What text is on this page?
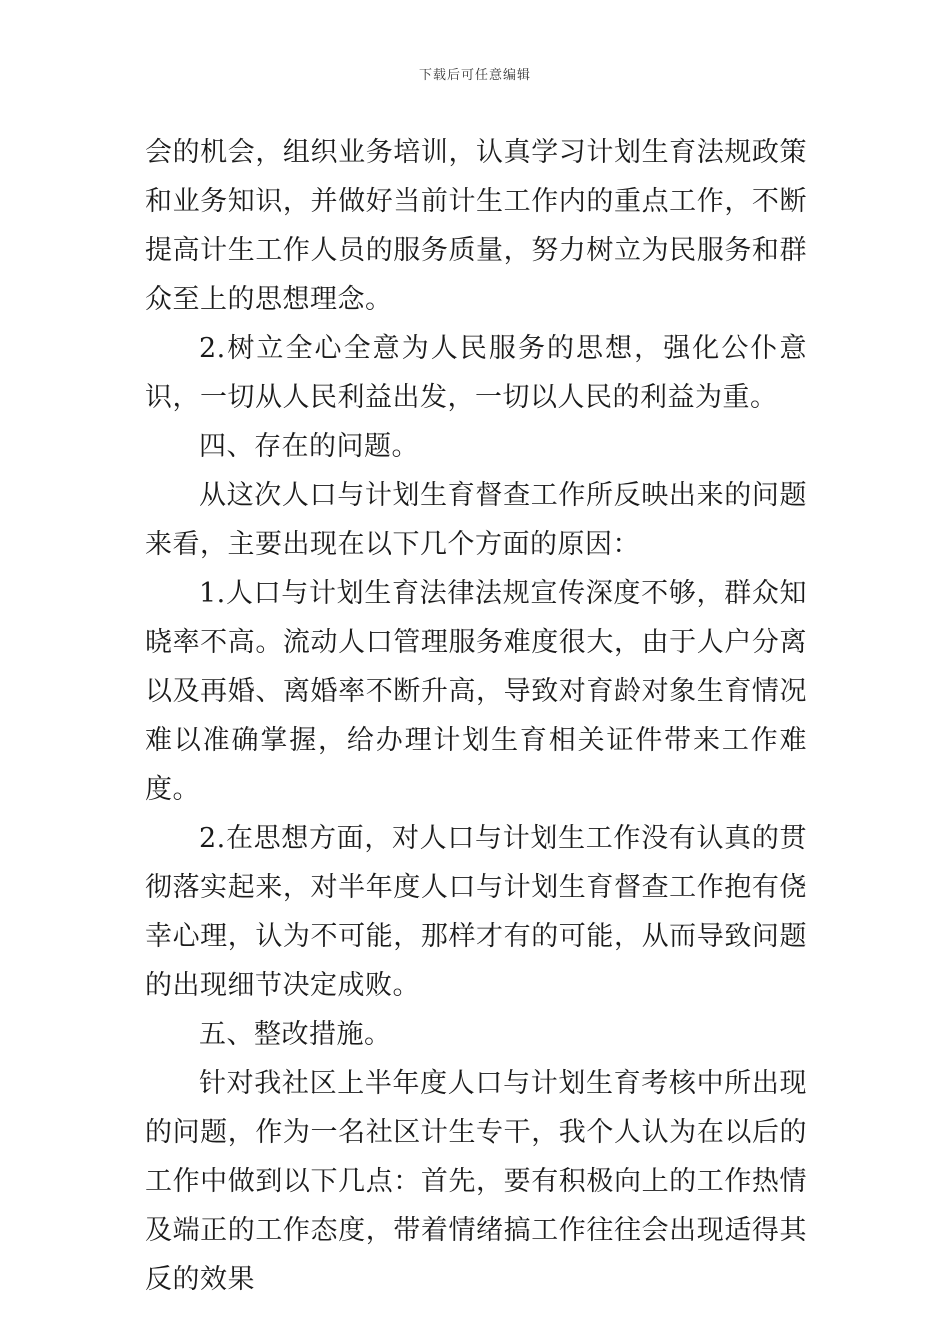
下载后可任意编辑

会的机会，组织业务培训，认真学习计划生育法规政策和业务知识，并做好当前计生工作内的重点工作，不断提高计生工作人员的服务质量，努力树立为民服务和群众至上的思想理念。

2.树立全心全意为人民服务的思想，强化公仆意识，一切从人民利益出发，一切以人民的利益为重。

四、存在的问题。

从这次人口与计划生育督查工作所反映出来的问题来看，主要出现在以下几个方面的原因：

1.人口与计划生育法律法规宣传深度不够，群众知晓率不高。流动人口管理服务难度很大，由于人户分离以及再婚、离婚率不断升高，导致对育龄对象生育情况难以准确掌握，给办理计划生育相关证件带来工作难度。

2.在思想方面，对人口与计划生工作没有认真的贯彻落实起来，对半年度人口与计划生育督查工作抱有侥幸心理，认为不可能，那样才有的可能，从而导致问题的出现细节决定成败。

五、整改措施。

针对我社区上半年度人口与计划生育考核中所出现的问题，作为一名社区计生专干，我个人认为在以后的工作中做到以下几点：首先，要有积极向上的工作热情及端正的工作态度，带着情绪搞工作往往会出现适得其反的效果
